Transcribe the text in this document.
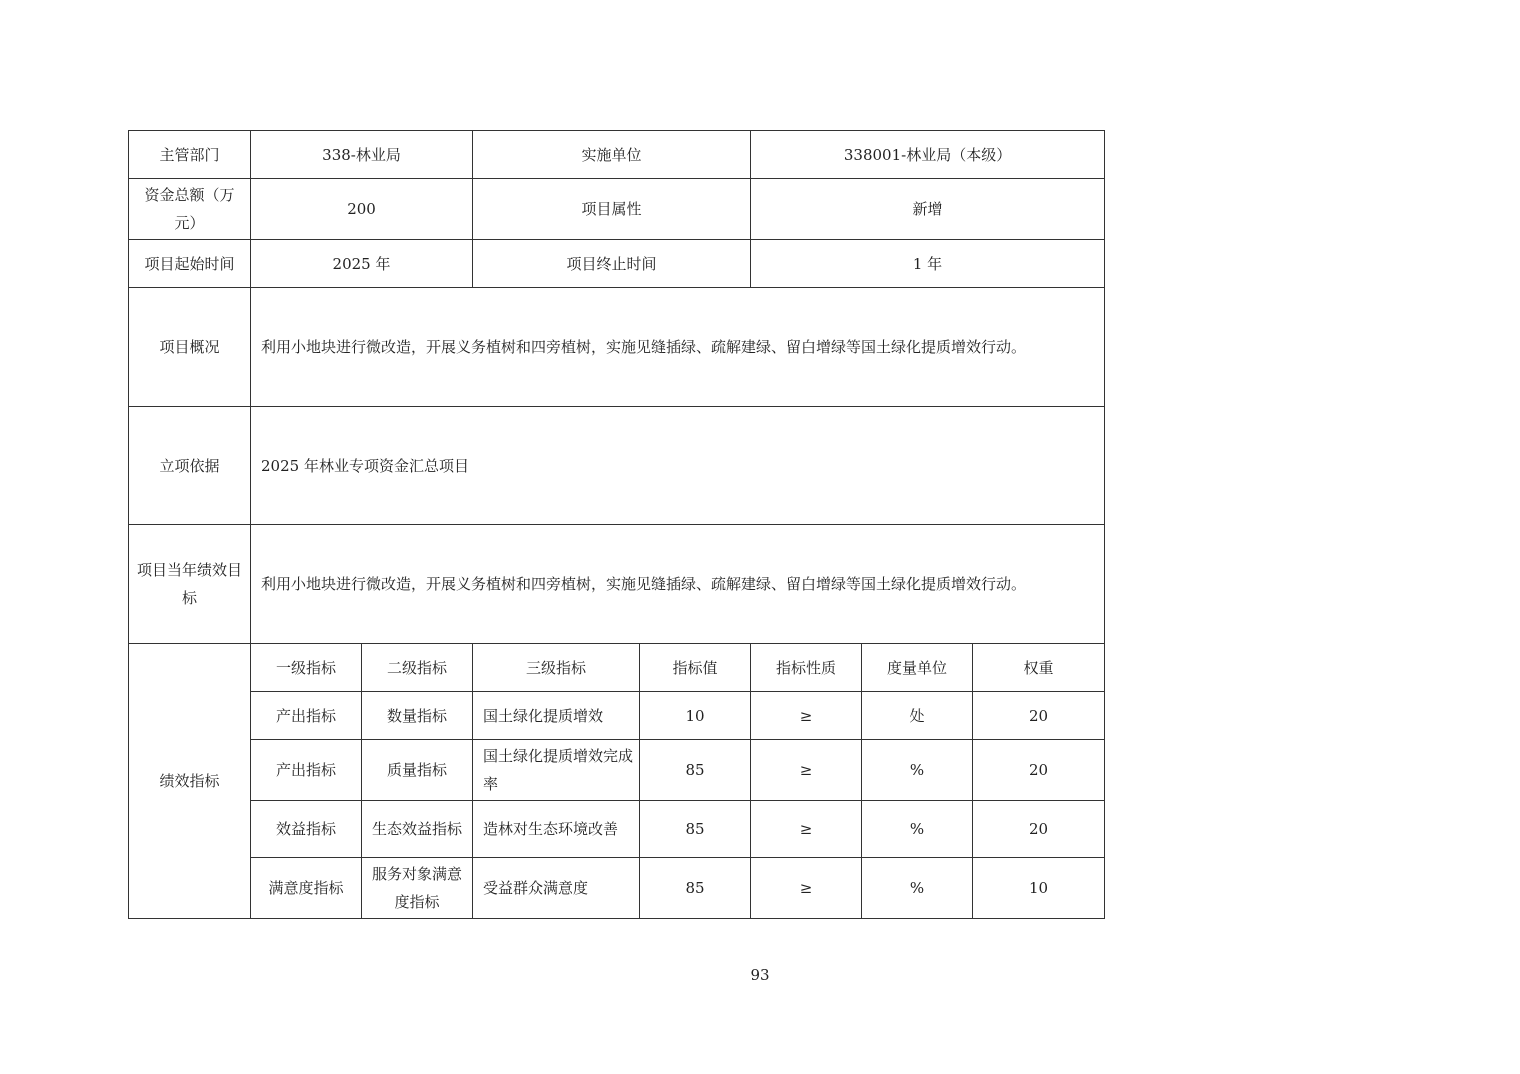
主管部门	338-林业局		实施单位		338001-林业局（本级）		
资金总额（万元）	200		项目属性		新增		
项目起始时间	2025 年		项目终止时间		1 年		
项目概况	利用小地块进行微改造，开展义务植树和四旁植树，实施见缝插绿、疏解建绿、留白增绿等国土绿化提质增效行动。						
立项依据	2025 年林业专项资金汇总项目						
项目当年绩效目标	利用小地块进行微改造，开展义务植树和四旁植树，实施见缝插绿、疏解建绿、留白增绿等国土绿化提质增效行动。						
绩效指标	一级指标	二级指标	三级指标	指标值	指标性质	度量单位	权重
	产出指标	数量指标	国土绿化提质增效	10	≥	处	20
	产出指标	质量指标	国土绿化提质增效完成率	85	≥	%	20
	效益指标	生态效益指标	造林对生态环境改善	85	≥	%	20
	满意度指标	服务对象满意度指标	受益群众满意度	85	≥	%	10
93
